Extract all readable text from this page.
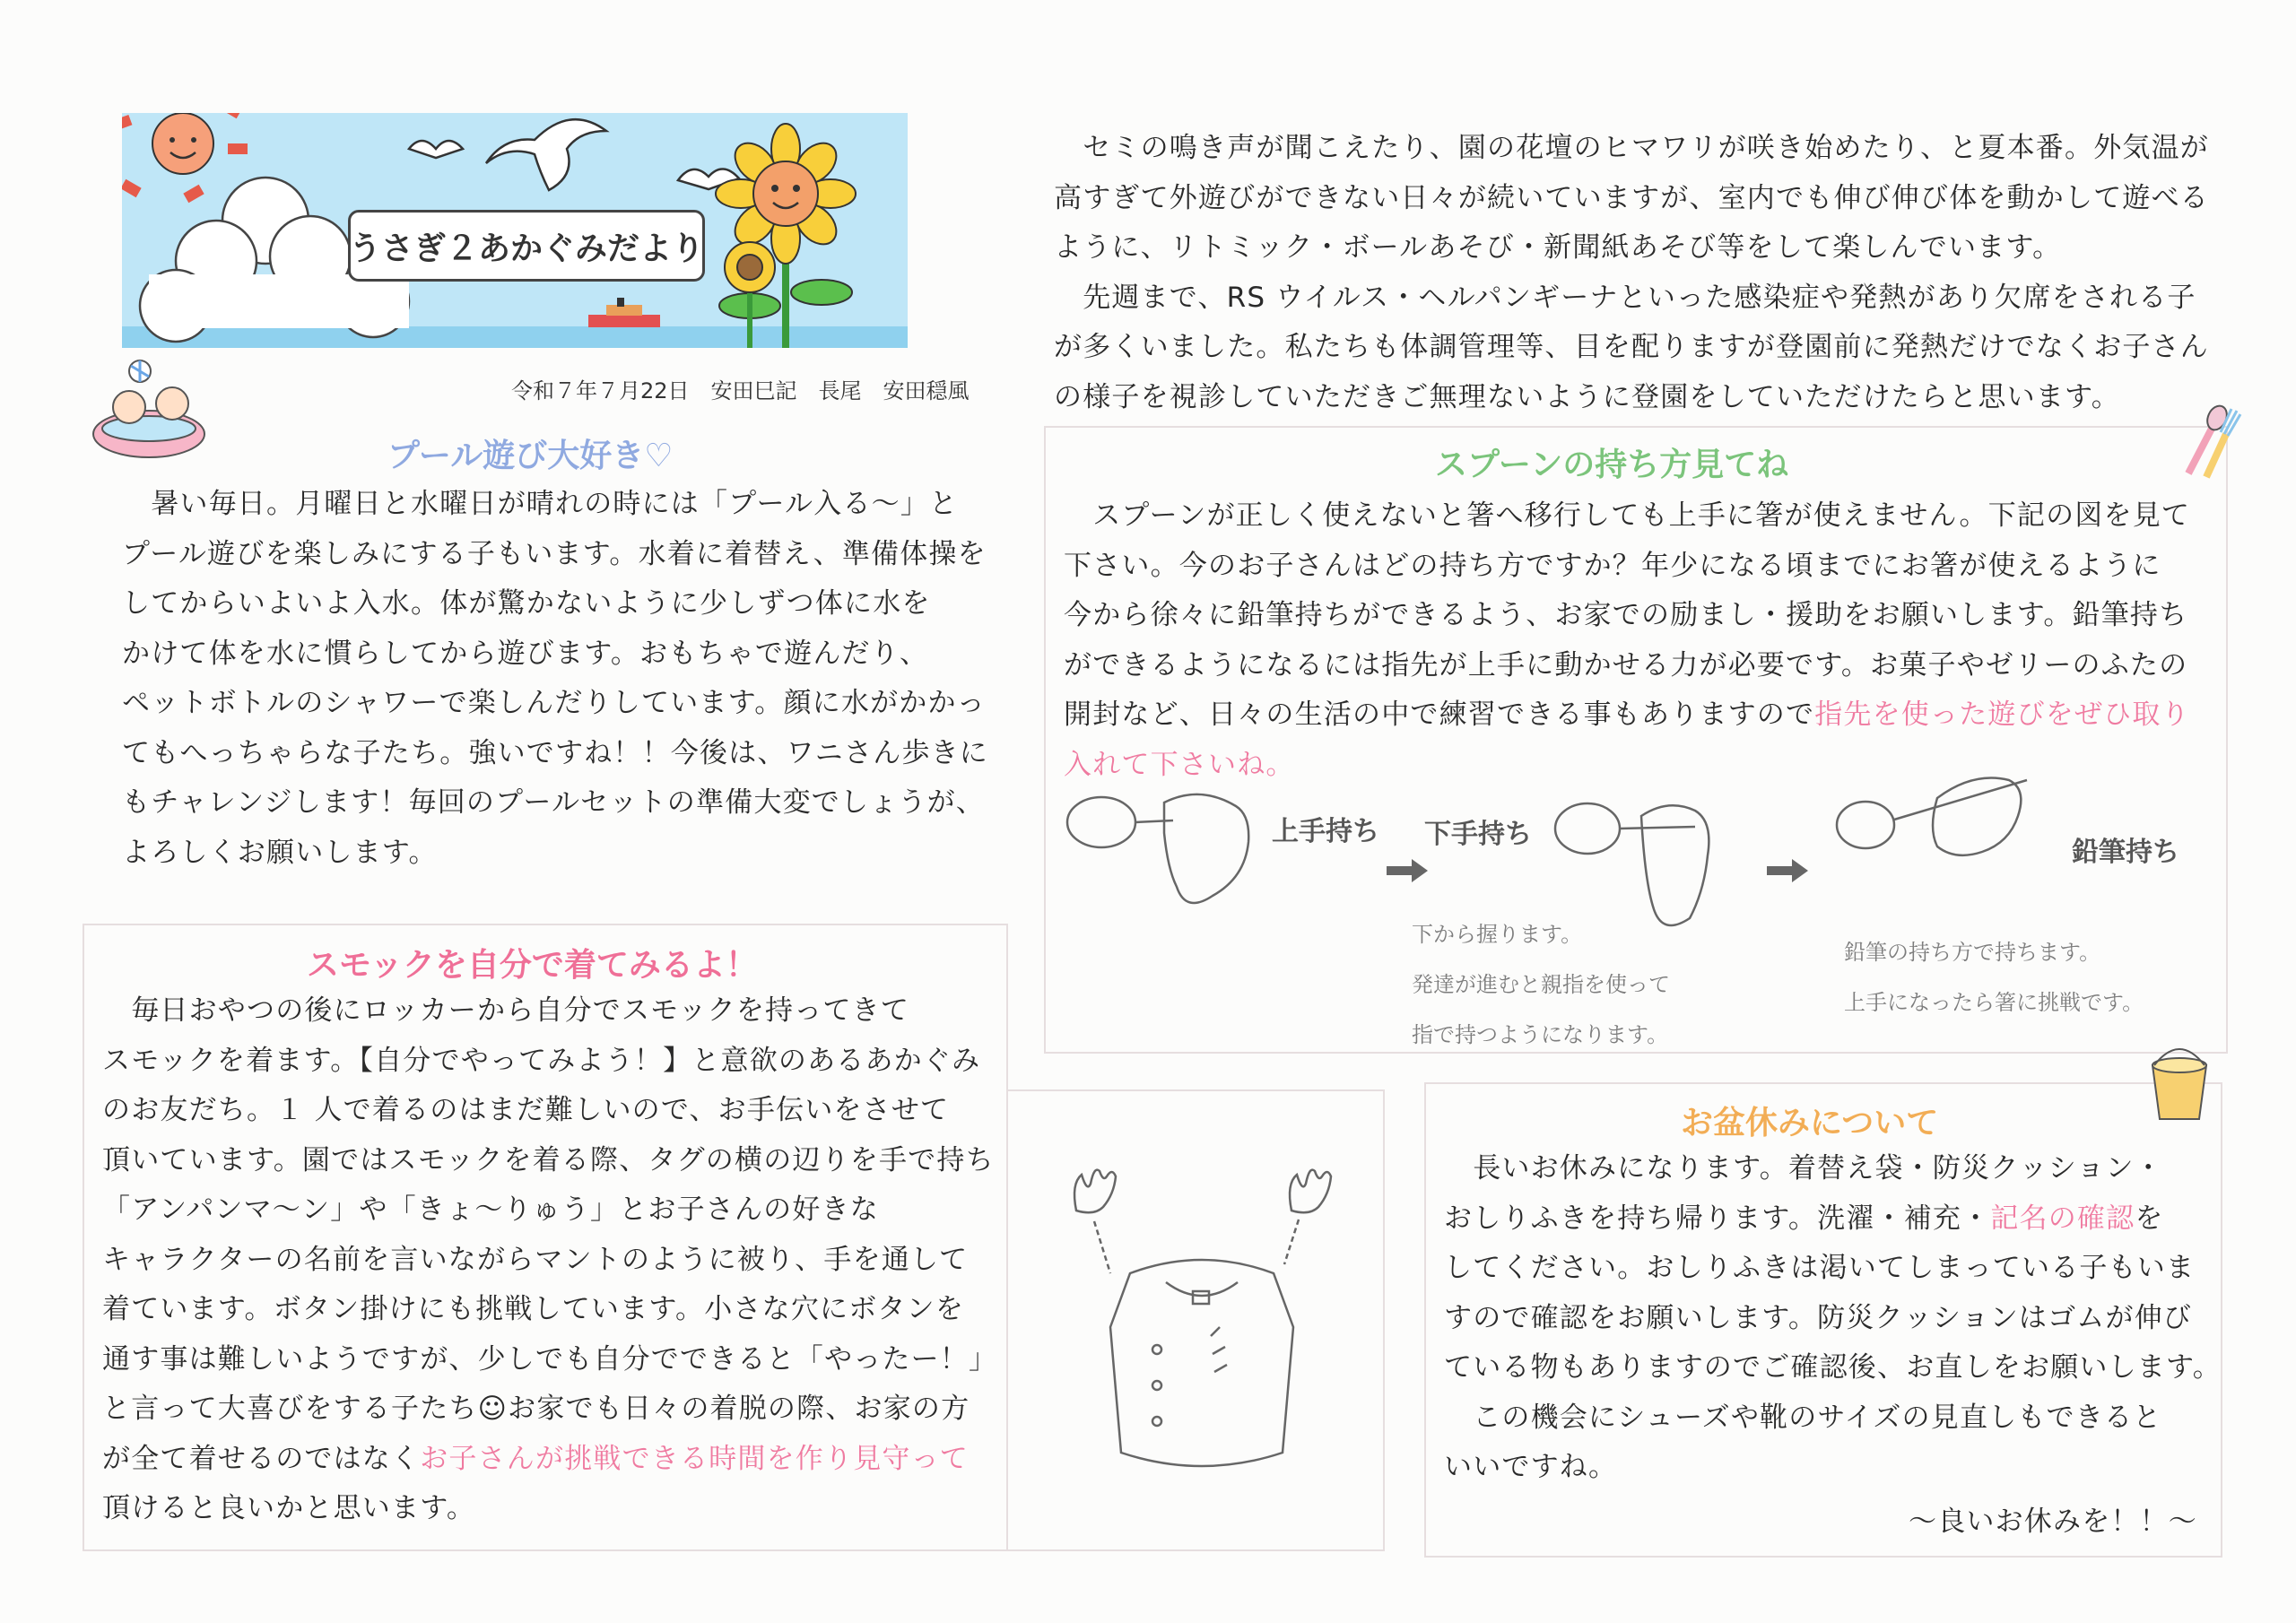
うさぎ２あかぐみだより
令和７年７月22日　安田巳記　長尾　安田穏風
プール遊び大好き♡
　暑い毎日。月曜日と水曜日が晴れの時には「プール入る～」と
プール遊びを楽しみにする子もいます。水着に着替え、準備体操を
してからいよいよ入水。体が驚かないように少しずつ体に水を
かけて体を水に慣らしてから遊びます。おもちゃで遊んだり、
ペットボトルのシャワーで楽しんだりしています。顔に水がかかっ
てもへっちゃらな子たち。強いですね！！今後は、ワニさん歩きに
もチャレンジします！毎回のプールセットの準備大変でしょうが、
よろしくお願いします。
スモックを自分で着てみるよ！
　毎日おやつの後にロッカーから自分でスモックを持ってきて
スモックを着ます。【自分でやってみよう！】と意欲のあるあかぐみ
のお友だち。１ 人で着るのはまだ難しいので、お手伝いをさせて
頂いています。園ではスモックを着る際、タグの横の辺りを手で持ち
「アンパンマ～ン」や「きょ～りゅう」とお子さんの好きな
キャラクターの名前を言いながらマントのように被り、手を通して
着ています。ボタン掛けにも挑戦しています。小さな穴にボタンを
通す事は難しいようですが、少しでも自分でできると「やったー！」
と言って大喜びをする子たち☺お家でも日々の着脱の際、お家の方
が全て着せるのではなくお子さんが挑戦できる時間を作り見守って
頂けると良いかと思います。
　セミの鳴き声が聞こえたり、園の花壇のヒマワリが咲き始めたり、と夏本番。外気温が
高すぎて外遊びができない日々が続いていますが、室内でも伸び伸び体を動かして遊べる
ように、リトミック・ボールあそび・新聞紙あそび等をして楽しんでいます。
　先週まで、RS ウイルス・ヘルパンギーナといった感染症や発熱があり欠席をされる子
が多くいました。私たちも体調管理等、目を配りますが登園前に発熱だけでなくお子さん
の様子を視診していただきご無理ないように登園をしていただけたらと思います。
スプーンの持ち方見てね
　スプーンが正しく使えないと箸へ移行しても上手に箸が使えません。下記の図を見て
下さい。今のお子さんはどの持ち方ですか？年少になる頃までにお箸が使えるように
今から徐々に鉛筆持ちができるよう、お家での励まし・援助をお願いします。鉛筆持ち
ができるようになるには指先が上手に動かせる力が必要です。お菓子やゼリーのふたの
開封など、日々の生活の中で練習できる事もありますので指先を使った遊びをぜひ取り
入れて下さいね。
上手持ち 下手持ち
鉛筆持ち
下から握ります。
発達が進むと親指を使って
指で持つようになります。
鉛筆の持ち方で持ちます。
上手になったら箸に挑戦です。
お盆休みについて
　長いお休みになります。着替え袋・防災クッション・
おしりふきを持ち帰ります。洗濯・補充・記名の確認を
してください。おしりふきは渇いてしまっている子もいま
すので確認をお願いします。防災クッションはゴムが伸び
ている物もありますのでご確認後、お直しをお願いします。
　この機会にシューズや靴のサイズの見直しもできると
いいですね。
～良いお休みを！！～
